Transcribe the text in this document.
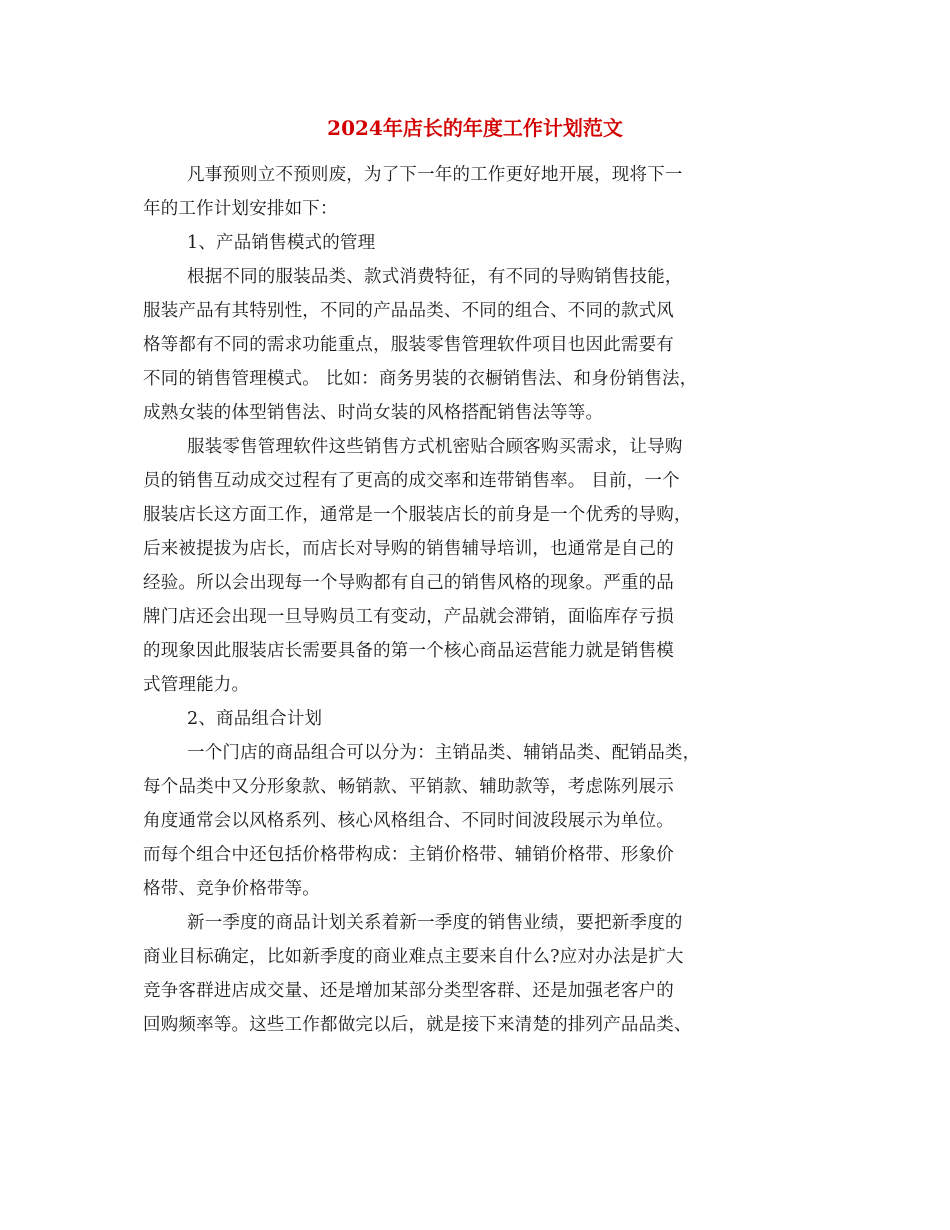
2024年店长的年度工作计划范文
凡事预则立不预则废，为了下一年的工作更好地开展，现将下一
年的工作计划安排如下：
1、产品销售模式的管理
根据不同的服装品类、款式消费特征，有不同的导购销售技能，
服装产品有其特别性，不同的产品品类、不同的组合、不同的款式风
格等都有不同的需求功能重点，服装零售管理软件项目也因此需要有
不同的销售管理模式。 比如：商务男装的衣橱销售法、和身份销售法，
成熟女装的体型销售法、时尚女装的风格搭配销售法等等。
服装零售管理软件这些销售方式机密贴合顾客购买需求，让导购
员的销售互动成交过程有了更高的成交率和连带销售率。 目前，一个
服装店长这方面工作，通常是一个服装店长的前身是一个优秀的导购，
后来被提拔为店长，而店长对导购的销售辅导培训，也通常是自己的
经验。所以会出现每一个导购都有自己的销售风格的现象。严重的品
牌门店还会出现一旦导购员工有变动，产品就会滞销，面临库存亏损
的现象因此服装店长需要具备的第一个核心商品运营能力就是销售模
式管理能力。
2、商品组合计划
一个门店的商品组合可以分为：主销品类、辅销品类、配销品类，
每个品类中又分形象款、畅销款、平销款、辅助款等，考虑陈列展示
角度通常会以风格系列、核心风格组合、不同时间波段展示为单位。
而每个组合中还包括价格带构成：主销价格带、辅销价格带、形象价
格带、竞争价格带等。
新一季度的商品计划关系着新一季度的销售业绩，要把新季度的
商业目标确定，比如新季度的商业难点主要来自什么?应对办法是扩大
竞争客群进店成交量、还是增加某部分类型客群、还是加强老客户的
回购频率等。这些工作都做完以后，就是接下来清楚的排列产品品类、
